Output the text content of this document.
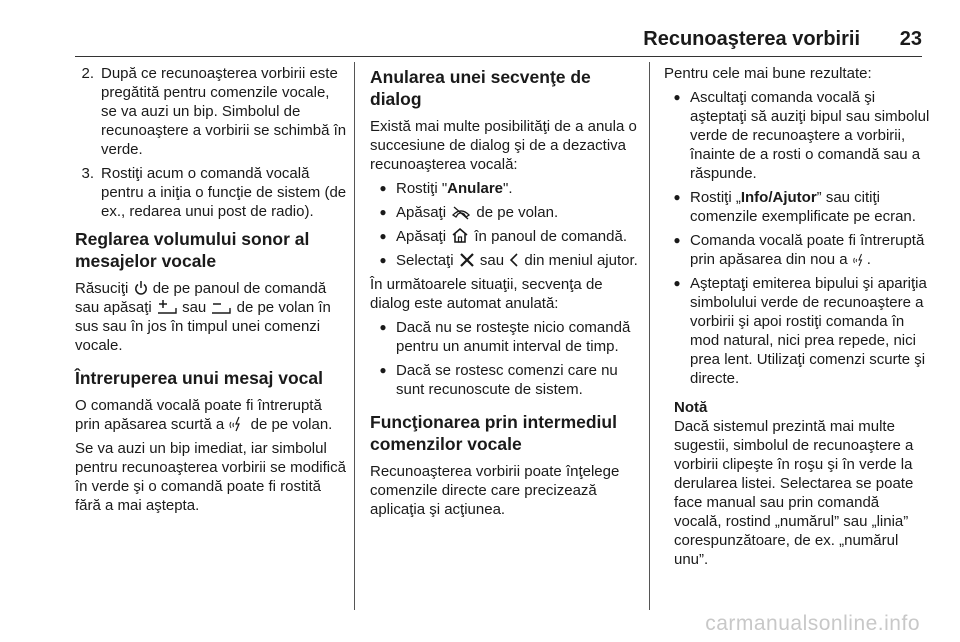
Recunoaşterea vorbirii 23
2. După ce recunoaşterea vorbirii este pregătită pentru comenzile vocale, se va auzi un bip. Simbolul de recunoaştere a vorbirii se schimbă în verde.
3. Rostiţi acum o comandă vocală pentru a iniţia o funcţie de sistem (de ex., redarea unui post de radio).
Reglarea volumului sonor al mesajelor vocale

Răsuciţi de pe panoul de comandă sau apăsaţi sau de pe volan în sus sau în jos în timpul unei comenzi vocale.

Întreruperea unui mesaj vocal

O comandă vocală poate fi întreruptă prin apăsarea scurtă a de pe volan.

Se va auzi un bip imediat, iar simbolul pentru recunoaşterea vorbirii se modifică în verde şi o comandă poate fi rostită fără a mai aştepta.

Anularea unei secvenţe de dialog

Există mai multe posibilităţi de a anula o succesiune de dialog şi de a dezactiva recunoaşterea vocală:

● Rostiţi "Anulare".
● Apăsaţi de pe volan.
● Apăsaţi în panoul de comandă.
● Selectaţi sau din meniul ajutor.

În următoarele situaţii, secvenţa de dialog este automat anulată:

● Dacă nu se rosteşte nicio comandă pentru un anumit interval de timp.
● Dacă se rostesc comenzi care nu sunt recunoscute de sistem.
Funcţionarea prin intermediul comenzilor vocale

Recunoaşterea vorbirii poate înţelege comenzile directe care precizează aplicaţia şi acţiunea.

Pentru cele mai bune rezultate:

● Ascultaţi comanda vocală şi aşteptaţi să auziţi bipul sau simbolul verde de recunoaştere a vorbirii, înainte de a rosti o comandă sau a răspunde.
● Rostiţi „Info/Ajutor” sau citiţi comenzile exemplificate pe ecran.
● Comanda vocală poate fi întreruptă prin apăsarea din nou a .
● Aşteptaţi emiterea bipului şi apariţia simbolului verde de recunoaştere a vorbirii şi apoi rostiţi comanda în mod natural, nici prea repede, nici prea lent. Utilizaţi comenzi scurte şi directe.
Notă
Dacă sistemul prezintă mai multe sugestii, simbolul de recunoaştere a vorbirii clipeşte în roşu şi în verde la derularea listei. Selectarea se poate face manual sau prin comandă vocală, rostind „numărul” sau „linia” corespunzătoare, de ex. „numărul unu”.
carmanualsonline.info
